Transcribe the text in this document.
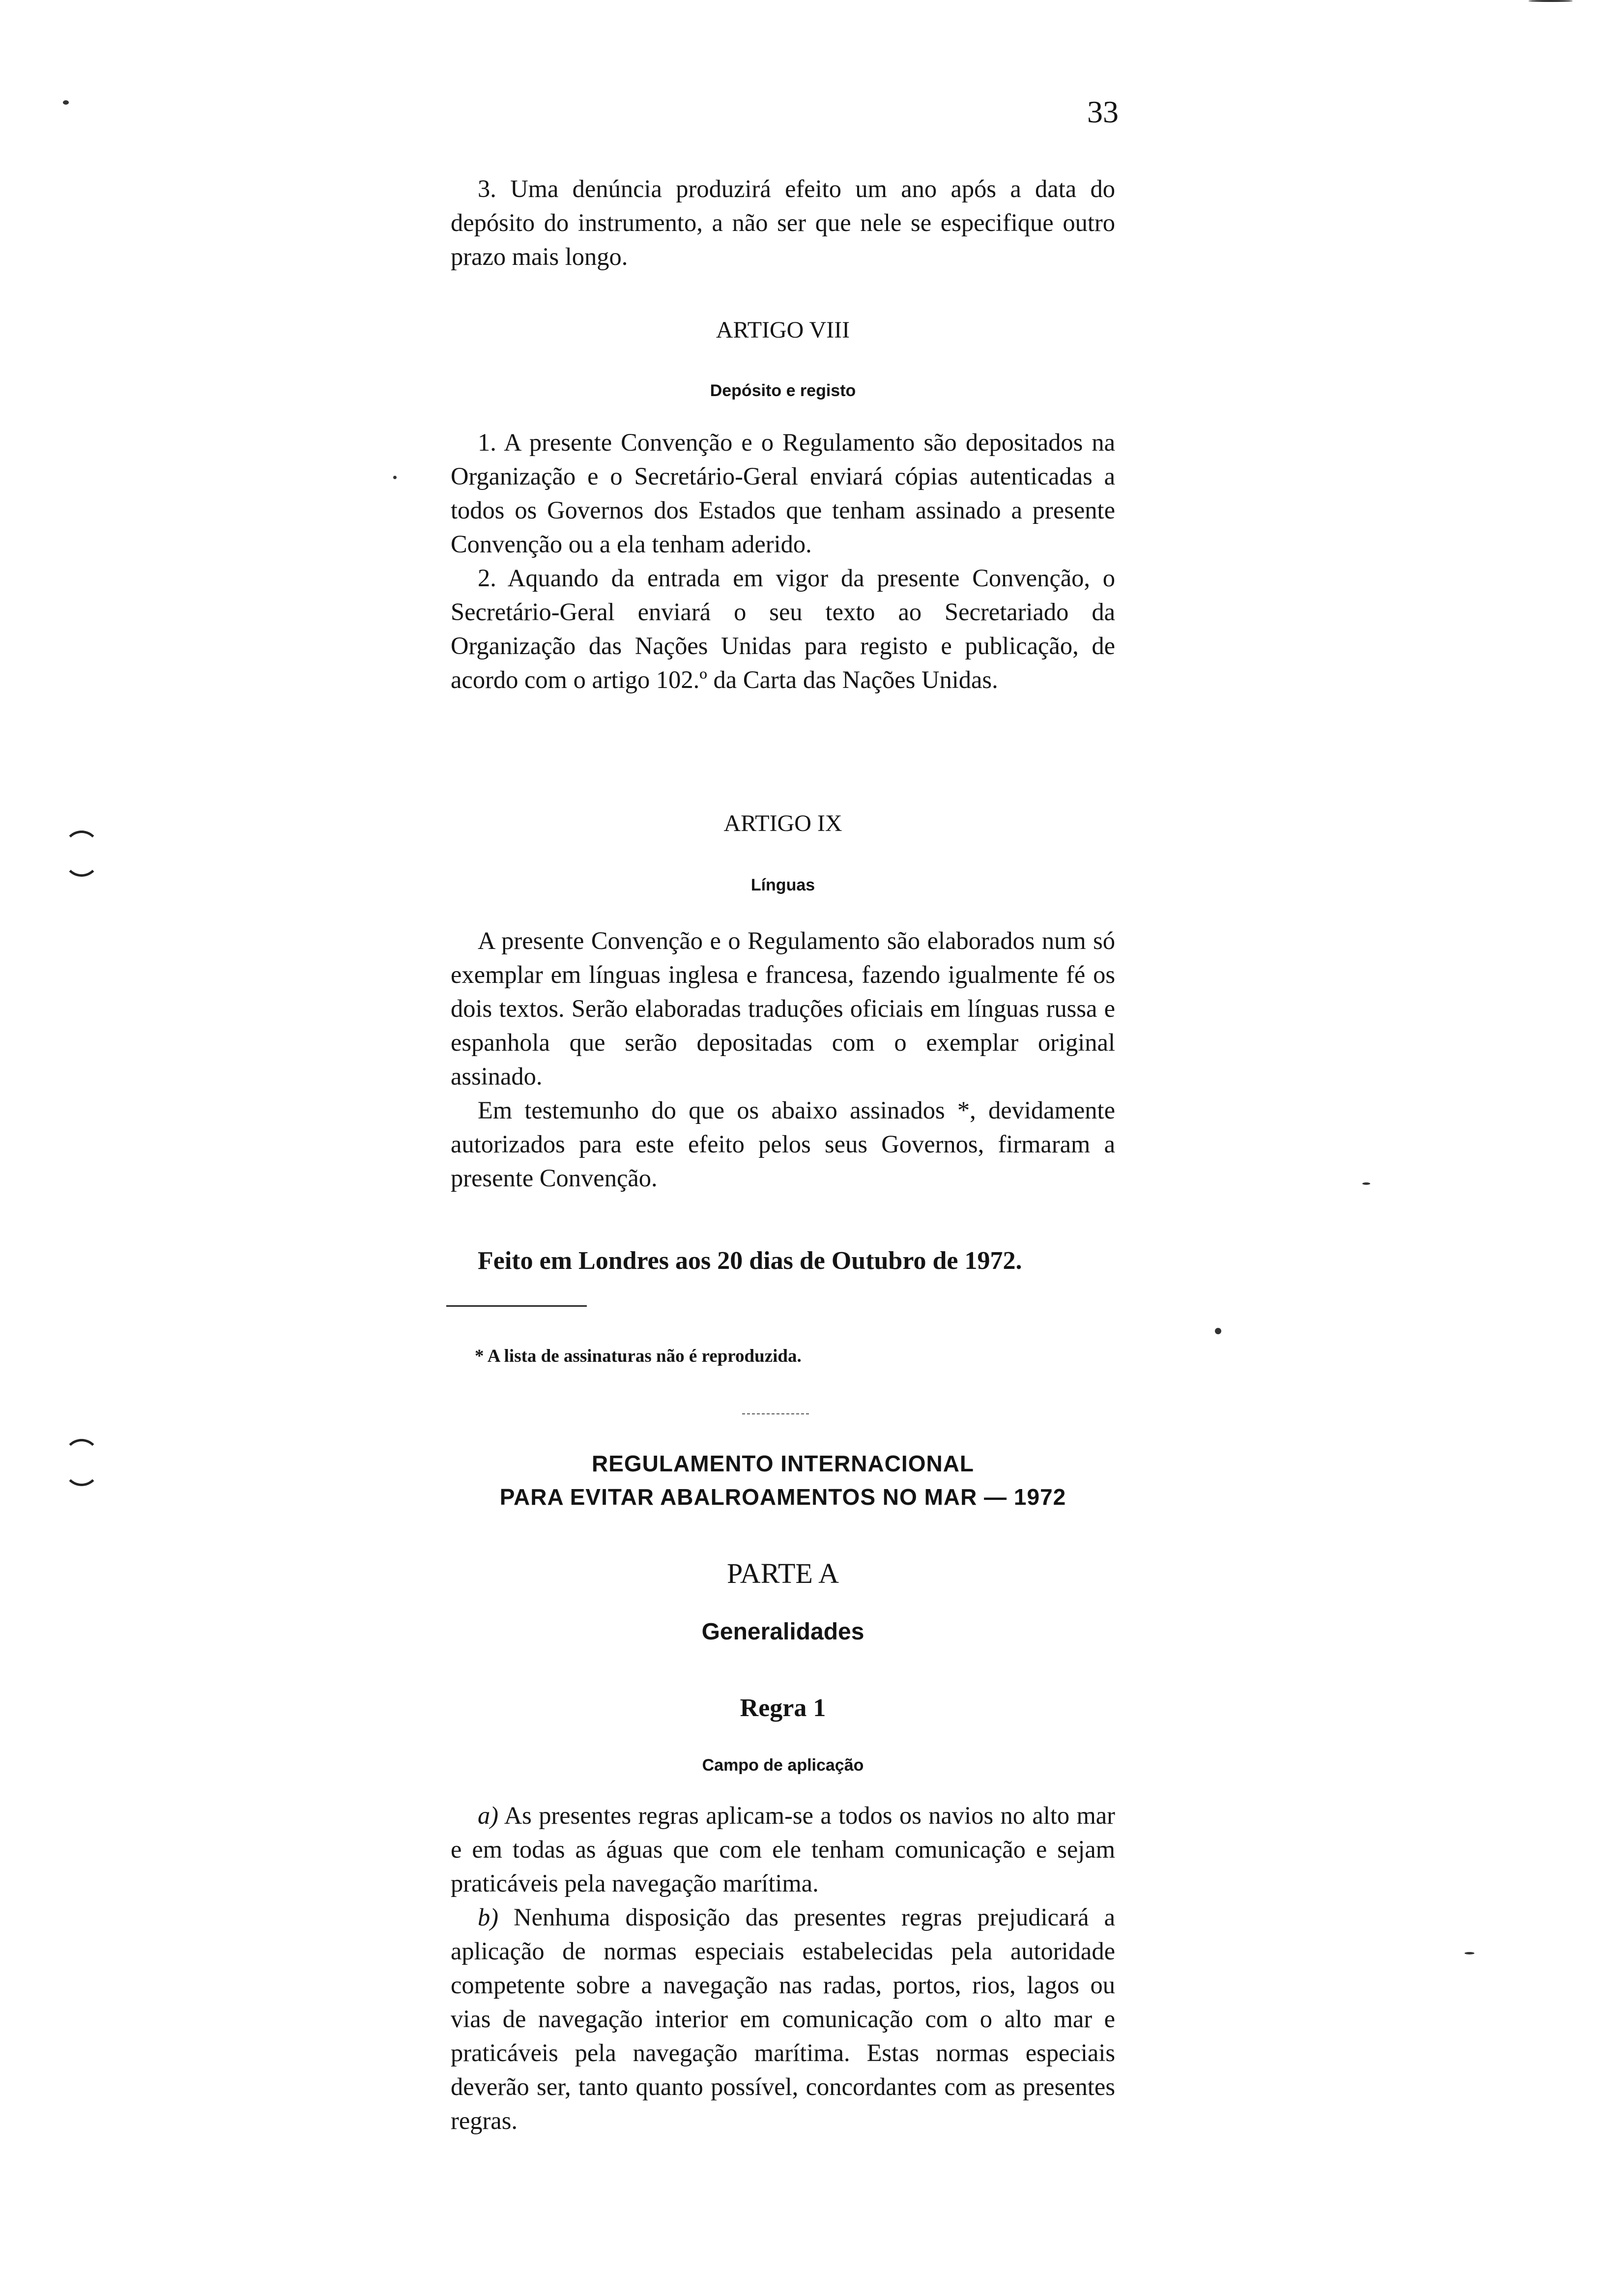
33

3. Uma denúncia produzirá efeito um ano após a data do depósito do instrumento, a não ser que nele se especifique outro prazo mais longo.

ARTIGO VIII
Depósito e registo

1. A presente Convenção e o Regulamento são depositados na Organização e o Secretário-Geral enviará cópias autenticadas a todos os Governos dos Estados que tenham assinado a presente Convenção ou a ela tenham aderido.

2. Aquando da entrada em vigor da presente Convenção, o Secretário-Geral enviará o seu texto ao Secretariado da Organização das Nações Unidas para registo e publicação, de acordo com o artigo 102.º da Carta das Nações Unidas.

ARTIGO IX
Línguas

A presente Convenção e o Regulamento são elaborados num só exemplar em línguas inglesa e francesa, fazendo igualmente fé os dois textos. Serão elaboradas traduções oficiais em línguas russa e espanhola que serão depositadas com o exemplar original assinado.

Em testemunho do que os abaixo assinados *, devidamente autorizados para este efeito pelos seus Governos, firmaram a presente Convenção.

Feito em Londres aos 20 dias de Outubro de 1972.
* A lista de assinaturas não é reproduzida.
REGULAMENTO INTERNACIONAL
PARA EVITAR ABALROAMENTOS NO MAR — 1972
PARTE A
Generalidades
Regra 1
Campo de aplicação

a) As presentes regras aplicam-se a todos os navios no alto mar e em todas as águas que com ele tenham comunicação e sejam praticáveis pela navegação marítima.

b) Nenhuma disposição das presentes regras prejudicará a aplicação de normas especiais estabelecidas pela autoridade competente sobre a navegação nas radas, portos, rios, lagos ou vias de navegação interior em comunicação com o alto mar e praticáveis pela navegação marítima. Estas normas especiais deverão ser, tanto quanto possível, concordantes com as presentes regras.
